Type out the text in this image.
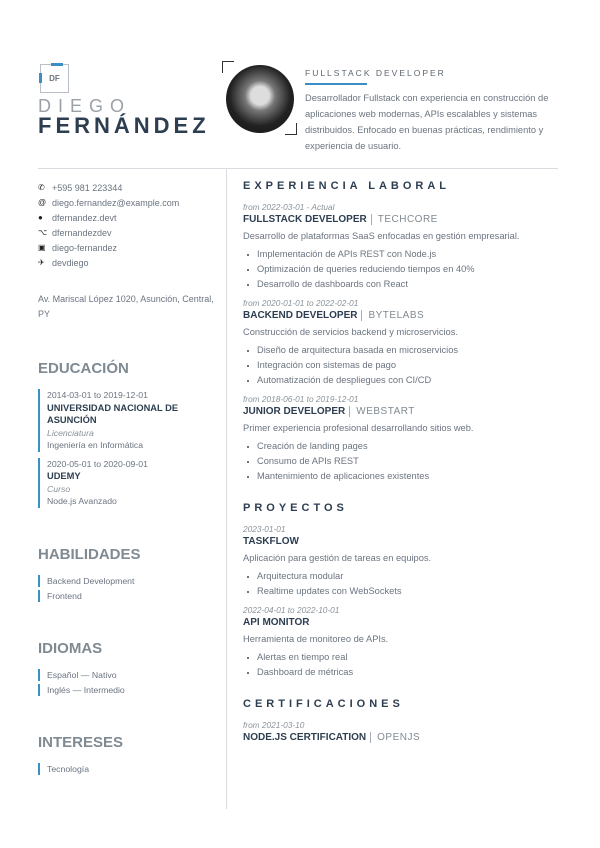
DF
DIEGO
FERNÁNDEZ
FULLSTACK DEVELOPER
Desarrollador Fullstack con experiencia en construcción de aplicaciones web modernas, APIs escalables y sistemas distribuidos. Enfocado en buenas prácticas, rendimiento y experiencia de usuario.
✆ +595 981 223344
@ diego.fernandez@example.com
●	dfernandez.devt
⌥ dfernandezdev
▣ diego-fernandez
✈ devdiego
Av. Mariscal López 1020, Asunción, Central, PY
EDUCACIÓN
2014-03-01 to 2019-12-01
UNIVERSIDAD NACIONAL DE ASUNCIÓN
Licenciatura
Ingeniería en Informática
2020-05-01 to 2020-09-01
UDEMY
Curso
Node.js Avanzado
HABILIDADES
Backend Development
Frontend
IDIOMAS
Español — Nativo
Inglés — Intermedio
INTERESES
Tecnología
EXPERIENCIA LABORAL
from 2022-03-01 - Actual
FULLSTACK DEVELOPER TECHCORE
Desarrollo de plataformas SaaS enfocadas en gestión empresarial.
Implementación de APIs REST con Node.js
Optimización de queries reduciendo tiempos en 40%
Desarrollo de dashboards con React
from 2020-01-01 to 2022-02-01
BACKEND DEVELOPER BYTELABS
Construcción de servicios backend y microservicios.
Diseño de arquitectura basada en microservicios
Integración con sistemas de pago
Automatización de despliegues con CI/CD
from 2018-06-01 to 2019-12-01
JUNIOR DEVELOPER WEBSTART
Primer experiencia profesional desarrollando sitios web.
Creación de landing pages
Consumo de APIs REST
Mantenimiento de aplicaciones existentes
PROYECTOS
2023-01-01
TASKFLOW
Aplicación para gestión de tareas en equipos.
Arquitectura modular
Realtime updates con WebSockets
2022-04-01 to 2022-10-01
API MONITOR
Herramienta de monitoreo de APIs.
Alertas en tiempo real
Dashboard de métricas
CERTIFICACIONES
from 2021-03-10
NODE.JS CERTIFICATION OPENJS
